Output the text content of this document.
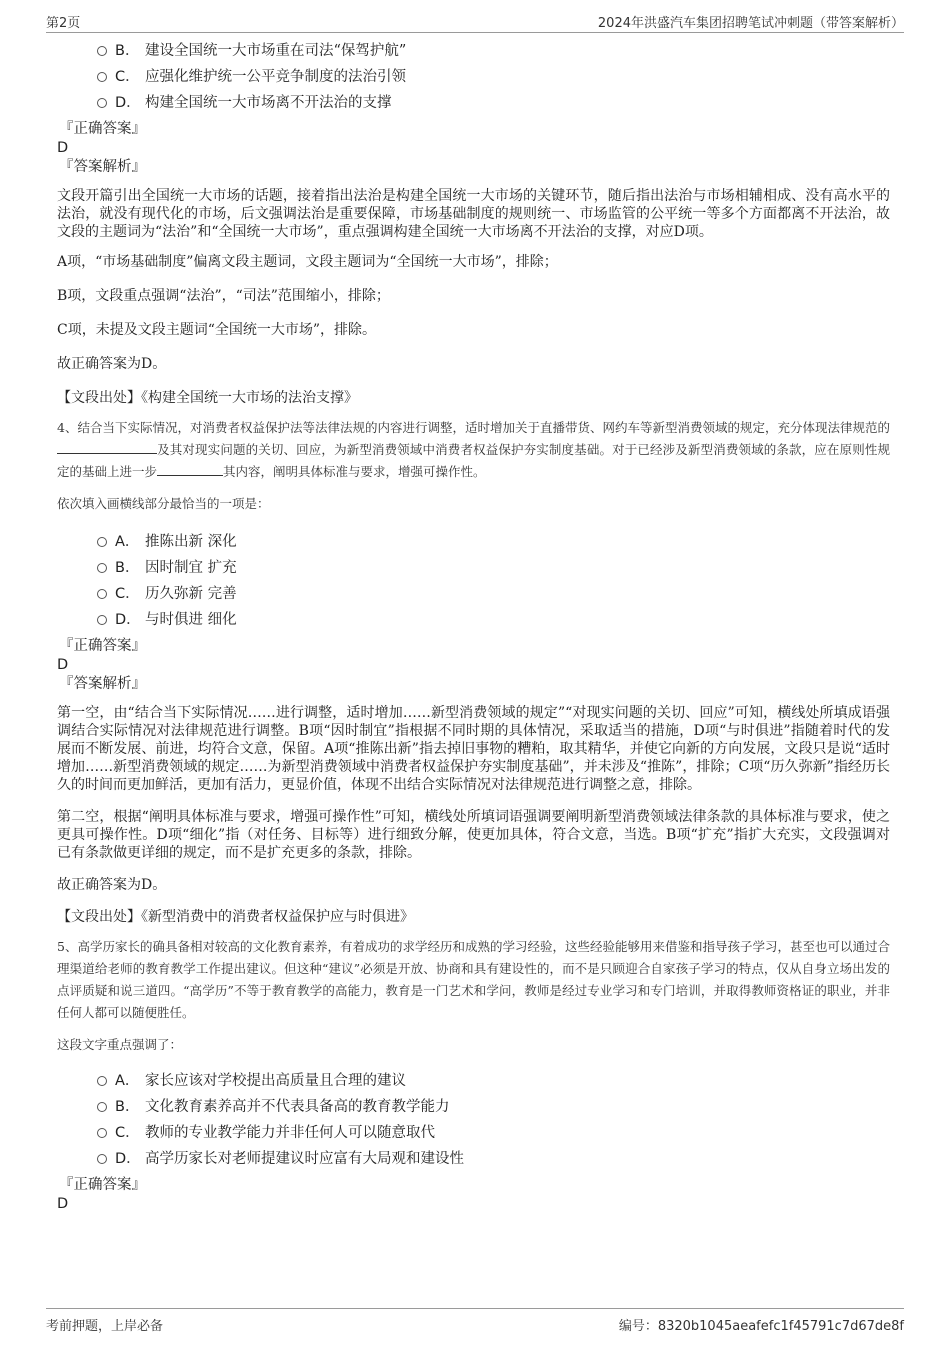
第2页	2024年洪盛汽车集团招聘笔试冲刺题（带答案解析）
B． 建设全国统一大市场重在司法“保驾护航”
C． 应强化维护统一公平竞争制度的法治引领
D． 构建全国统一大市场离不开法治的支撑
『正确答案』
D
『答案解析』

文段开篇引出全国统一大市场的话题，接着指出法治是构建全国统一大市场的关键环节，随后指出法治与市场相辅相成、没有高水平的法治，就没有现代化的市场，后文强调法治是重要保障，市场基础制度的规则统一、市场监管的公平统一等多个方面都离不开法治，故文段的主题词为“法治”和“全国统一大市场”，重点强调构建全国统一大市场离不开法治的支撑，对应D项。

A项，“市场基础制度”偏离文段主题词，文段主题词为“全国统一大市场”，排除；

B项，文段重点强调“法治”，“司法”范围缩小，排除；

C项，未提及文段主题词“全国统一大市场”，排除。

故正确答案为D。

【文段出处】《构建全国统一大市场的法治支撑》

4、结合当下实际情况，对消费者权益保护法等法律法规的内容进行调整，适时增加关于直播带货、网约车等新型消费领域的规定，充分体现法律规范的及其对现实问题的关切、回应，为新型消费领域中消费者权益保护夯实制度基础。对于已经涉及新型消费领域的条款，应在原则性规定的基础上进一步	其内容，阐明具体标准与要求，增强可操作性。

依次填入画横线部分最恰当的一项是：

A． 推陈出新 深化
B． 因时制宜 扩充
C． 历久弥新 完善
D． 与时俱进 细化
『正确答案』
D
『答案解析』

第一空，由“结合当下实际情况……进行调整，适时增加……新型消费领域的规定”“对现实问题的关切、回应”可知，横线处所填成语强调结合实际情况对法律规范进行调整。B项“因时制宜”指根据不同时期的具体情况，采取适当的措施，D项“与时俱进”指随着时代的发展而不断发展、前进，均符合文意，保留。A项“推陈出新”指去掉旧事物的糟粕，取其精华，并使它向新的方向发展，文段只是说“适时增加……新型消费领域的规定……为新型消费领域中消费者权益保护夯实制度基础”，并未涉及“推陈”，排除；C项“历久弥新”指经历长久的时间而更加鲜活，更加有活力，更显价值，体现不出结合实际情况对法律规范进行调整之意，排除。

第二空，根据“阐明具体标准与要求，增强可操作性”可知，横线处所填词语强调要阐明新型消费领域法律条款的具体标准与要求，使之更具可操作性。D项“细化”指（对任务、目标等）进行细致分解，使更加具体，符合文意，当选。B项“扩充”指扩大充实，文段强调对已有条款做更详细的规定，而不是扩充更多的条款，排除。

故正确答案为D。

【文段出处】《新型消费中的消费者权益保护应与时俱进》

5、高学历家长的确具备相对较高的文化教育素养，有着成功的求学经历和成熟的学习经验，这些经验能够用来借鉴和指导孩子学习，甚至也可以通过合理渠道给老师的教育教学工作提出建议。但这种“建议”必须是开放、协商和具有建设性的，而不是只顾迎合自家孩子学习的特点，仅从自身立场出发的点评质疑和说三道四。“高学历”不等于教育教学的高能力，教育是一门艺术和学问，教师是经过专业学习和专门培训，并取得教师资格证的职业，并非任何人都可以随便胜任。

这段文字重点强调了：

A． 家长应该对学校提出高质量且合理的建议
B． 文化教育素养高并不代表具备高的教育教学能力
C． 教师的专业教学能力并非任何人可以随意取代
D． 高学历家长对老师提建议时应富有大局观和建设性
『正确答案』
D
考前押题，上岸必备	编号：8320b1045aeafefc1f45791c7d67de8f
